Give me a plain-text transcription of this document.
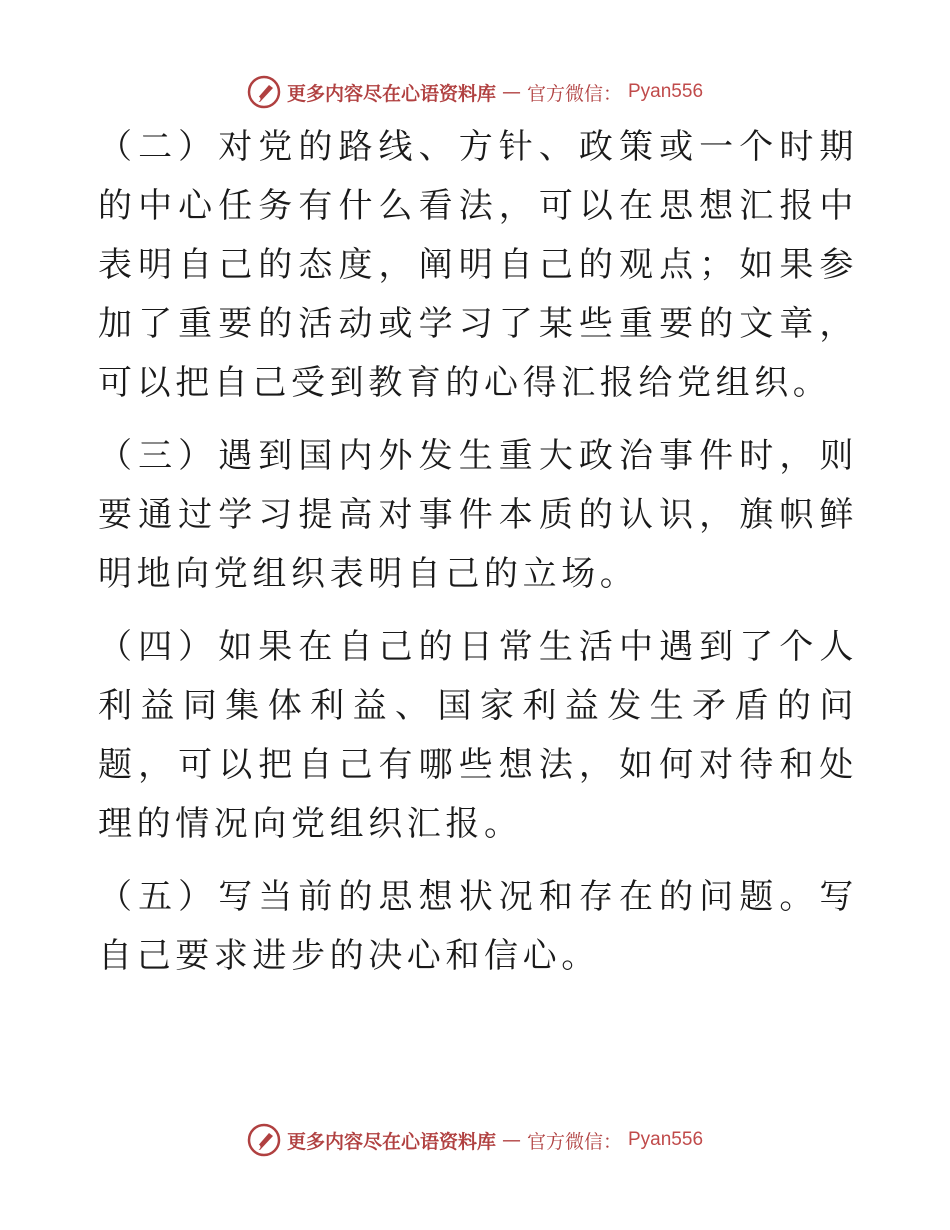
更多内容尽在心语资料库 — 官方微信： Pyan556

（二）对党的路线、方针、政策或一个时期的中心任务有什么看法，可以在思想汇报中表明自己的态度，阐明自己的观点；如果参加了重要的活动或学习了某些重要的文章，可以把自己受到教育的心得汇报给党组织。

（三）遇到国内外发生重大政治事件时，则要通过学习提高对事件本质的认识，旗帜鲜明地向党组织表明自己的立场。

（四）如果在自己的日常生活中遇到了个人利益同集体利益、国家利益发生矛盾的问题，可以把自己有哪些想法，如何对待和处理的情况向党组织汇报。

（五）写当前的思想状况和存在的问题。写自己要求进步的决心和信心。

更多内容尽在心语资料库 — 官方微信： Pyan556
